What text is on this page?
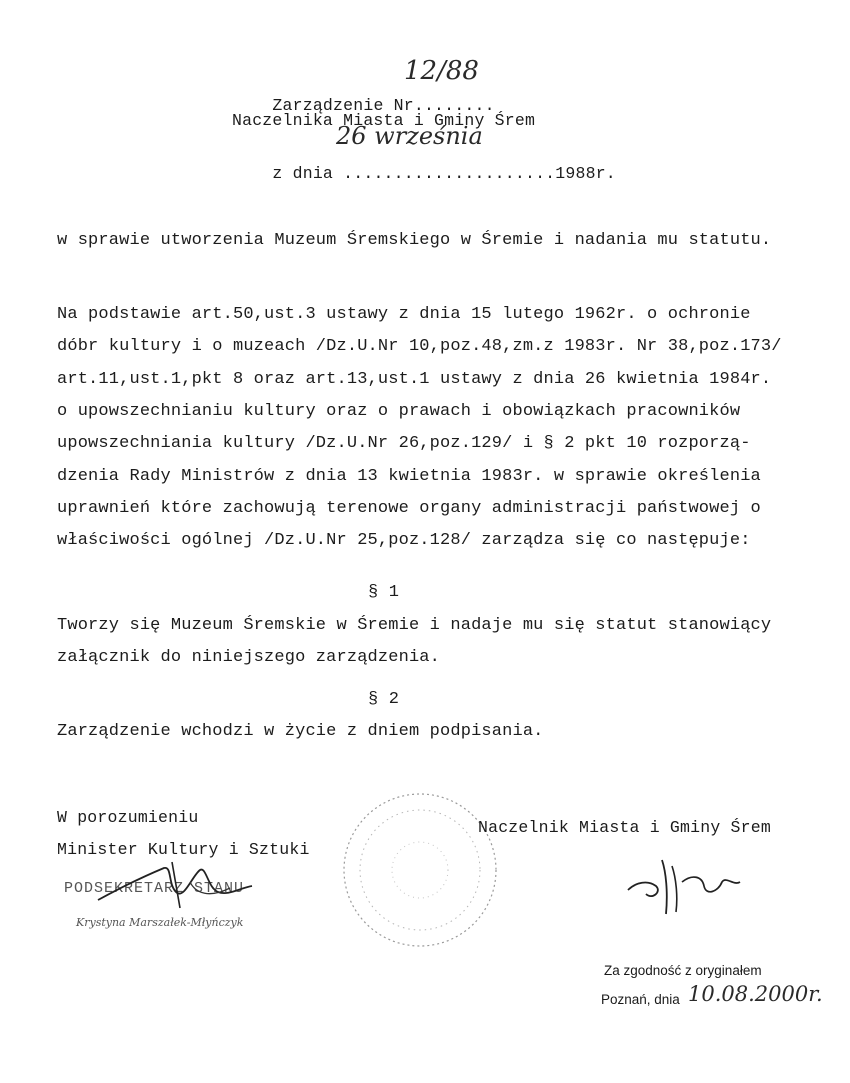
Zarządzenie Nr........

12/88
Naczelnika Miasta i Gminy Śrem

z dnia .....................1988r.

26 września
w sprawie utworzenia Muzeum Śremskiego w Śremie i nadania mu statutu.
Na podstawie art.50,ust.3 ustawy z dnia 15 lutego 1962r. o ochronie
dóbr kultury i o muzeach /Dz.U.Nr 10,poz.48,zm.z 1983r. Nr 38,poz.173/
art.11,ust.1,pkt 8 oraz art.13,ust.1 ustawy z dnia 26 kwietnia 1984r.
o upowszechnianiu kultury oraz o prawach i obowiązkach pracowników
upowszechniania kultury /Dz.U.Nr 26,poz.129/ i § 2 pkt 10 rozporzą-
dzenia Rady Ministrów z dnia 13 kwietnia 1983r. w sprawie określenia
uprawnień które zachowują terenowe organy administracji państwowej o
właściwości ogólnej /Dz.U.Nr 25,poz.128/ zarządza się co następuje:
§ 1
Tworzy się Muzeum Śremskie w Śremie i nadaje mu się statut stanowiący
załącznik do niniejszego zarządzenia.
§ 2
Zarządzenie wchodzi w życie z dniem podpisania.
W porozumieniu
Minister Kultury i Sztuki
PODSEKRETARZ STANU
Krystyna Marszałek-Młyńczyk
Naczelnik Miasta i Gminy Śrem
Za zgodność z oryginałem
Poznań, dnia 10.08.2000r.
